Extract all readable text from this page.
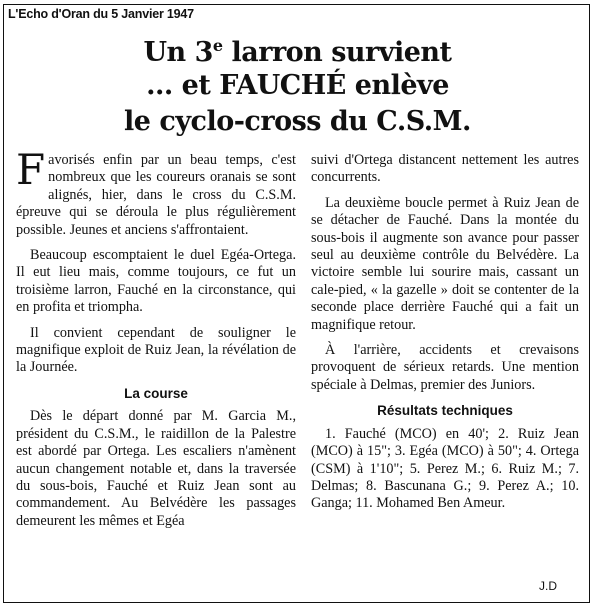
L'Echo d'Oran du 5 Janvier 1947
Un 3e larron survient
... et FAUCHÉ enlève
le cyclo-cross du C.S.M.

Favorisés enfin par un beau temps, c'est nombreux que les coureurs oranais se sont alignés, hier, dans le cross du C.S.M. épreuve qui se déroula le plus régulièrement possible. Jeunes et anciens s'affrontaient.

Beaucoup escomptaient le duel Egéa-Ortega. Il eut lieu mais, comme toujours, ce fut un troisième larron, Fauché en la circonstance, qui en profita et triompha.

Il convient cependant de souligner le magnifique exploit de Ruiz Jean, la révélation de la Journée.

La course

Dès le départ donné par M. Garcia M., président du C.S.M., le raidillon de la Palestre est abordé par Ortega. Les escaliers n'amènent aucun changement notable et, dans la traversée du sous-bois, Fauché et Ruiz Jean sont au commandement. Au Belvédère les passages demeurent les mêmes et Egéa

suivi d'Ortega distancent nettement les autres concurrents.

La deuxième boucle permet à Ruiz Jean de se détacher de Fauché. Dans la montée du sous-bois il augmente son avance pour passer seul au deuxième contrôle du Belvédère. La victoire semble lui sourire mais, cassant un cale-pied, « la gazelle » doit se contenter de la seconde place derrière Fauché qui a fait un magnifique retour.

À l'arrière, accidents et crevaisons provoquent de sérieux retards. Une mention spéciale à Delmas, premier des Juniors.

Résultats techniques

1. Fauché (MCO) en 40'; 2. Ruiz Jean (MCO) à 15"; 3. Egéa (MCO) à 50"; 4. Ortega (CSM) à 1'10"; 5. Perez M.; 6. Ruiz M.; 7. Delmas; 8. Bascunana G.; 9. Perez A.; 10. Ganga; 11. Mohamed Ben Ameur.

J.D
